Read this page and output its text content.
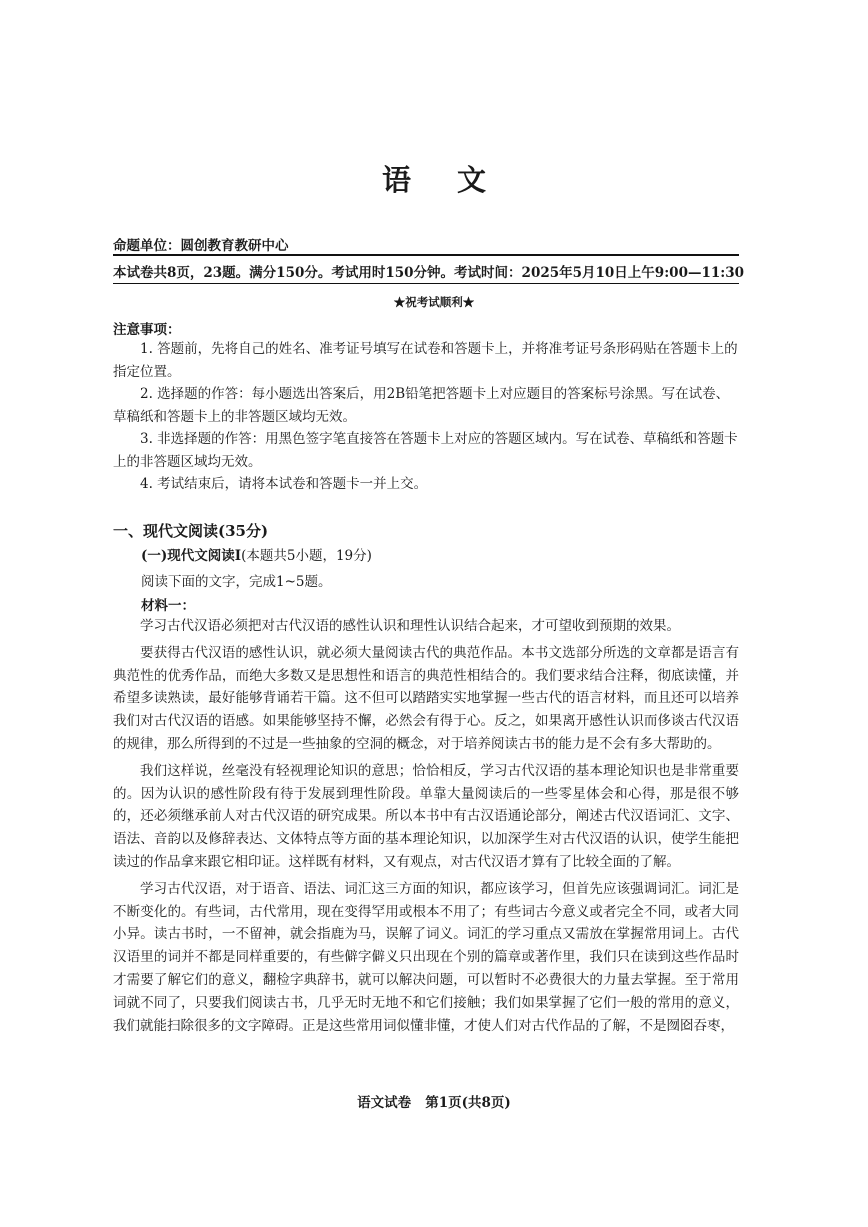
语文
命题单位：圆创教育教研中心
本试卷共8页，23题。满分150分。考试用时150分钟。 考试时间：2025年5月10日上午9:00—11:30
★祝考试顺利★
注意事项：

1. 答题前，先将自己的姓名、准考证号填写在试卷和答题卡上，并将准考证号条形码贴在答题卡上的指定位置。

2. 选择题的作答：每小题选出答案后，用2B铅笔把答题卡上对应题目的答案标号涂黑。写在试卷、草稿纸和答题卡上的非答题区域均无效。

3. 非选择题的作答：用黑色签字笔直接答在答题卡上对应的答题区域内。写在试卷、草稿纸和答题卡上的非答题区域均无效。

4. 考试结束后，请将本试卷和答题卡一并上交。

一、现代文阅读(35分)
(一)现代文阅读Ⅰ(本题共5小题，19分)
阅读下面的文字，完成1~5题。
材料一：

学习古代汉语必须把对古代汉语的感性认识和理性认识结合起来，才可望收到预期的效果。

要获得古代汉语的感性认识，就必须大量阅读古代的典范作品。本书文选部分所选的文章都是语言有典范性的优秀作品，而绝大多数又是思想性和语言的典范性相结合的。我们要求结合注释，彻底读懂，并希望多读熟读，最好能够背诵若干篇。这不但可以踏踏实实地掌握一些古代的语言材料，而且还可以培养我们对古代汉语的语感。如果能够坚持不懈，必然会有得于心。反之，如果离开感性认识而侈谈古代汉语的规律，那么所得到的不过是一些抽象的空洞的概念，对于培养阅读古书的能力是不会有多大帮助的。

我们这样说，丝毫没有轻视理论知识的意思；恰恰相反，学习古代汉语的基本理论知识也是非常重要的。因为认识的感性阶段有待于发展到理性阶段。单靠大量阅读后的一些零星体会和心得，那是很不够的，还必须继承前人对古代汉语的研究成果。所以本书中有古汉语通论部分，阐述古代汉语词汇、文字、语法、音韵以及修辞表达、文体特点等方面的基本理论知识，以加深学生对古代汉语的认识，使学生能把读过的作品拿来跟它相印证。这样既有材料，又有观点，对古代汉语才算有了比较全面的了解。

学习古代汉语，对于语音、语法、词汇这三方面的知识，都应该学习，但首先应该强调词汇。词汇是不断变化的。有些词，古代常用，现在变得罕用或根本不用了；有些词古今意义或者完全不同，或者大同小异。读古书时，一不留神，就会指鹿为马，误解了词义。词汇的学习重点又需放在掌握常用词上。古代汉语里的词并不都是同样重要的，有些僻字僻义只出现在个别的篇章或著作里，我们只在读到这些作品时才需要了解它们的意义，翻检字典辞书，就可以解决问题，可以暂时不必费很大的力量去掌握。至于常用词就不同了，只要我们阅读古书，几乎无时无地不和它们接触；我们如果掌握了它们一般的常用的意义，我们就能扫除很多的文字障碍。正是这些常用词似懂非懂，才使人们对古代作品的了解，不是囫囵吞枣，

语文试卷   第1页(共8页)
